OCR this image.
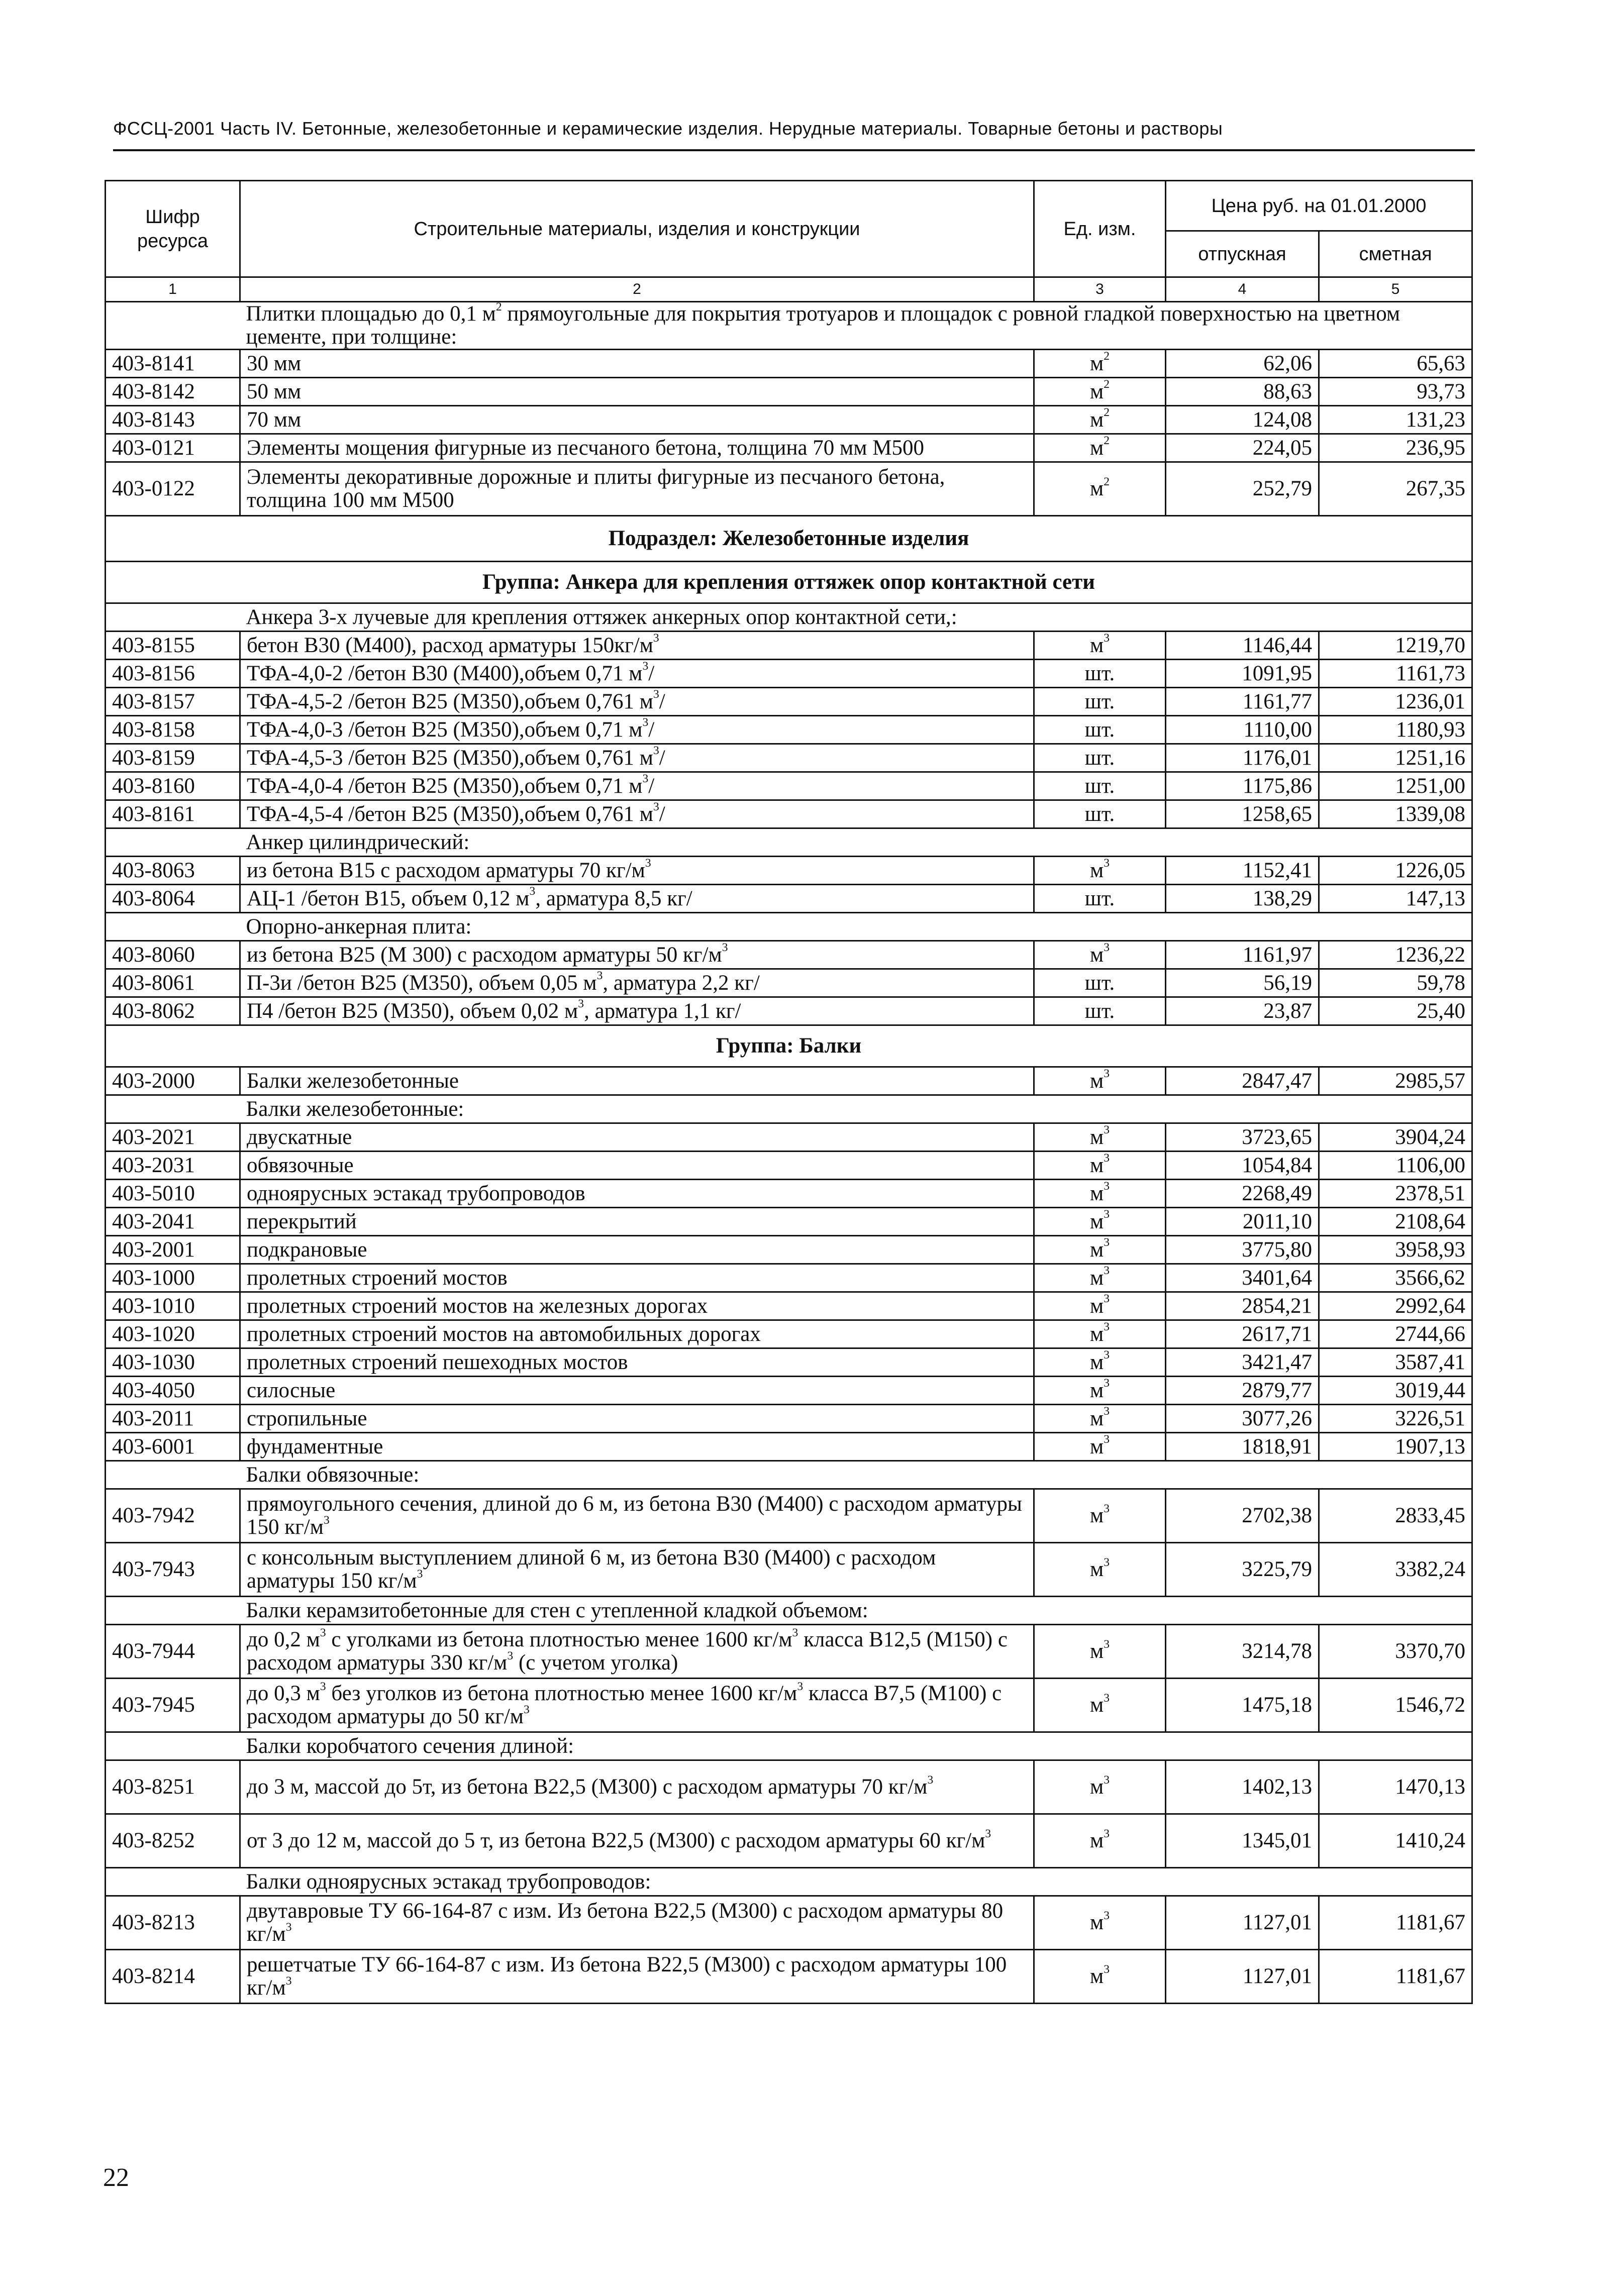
ФССЦ-2001 Часть IV. Бетонные, железобетонные и керамические изделия. Нерудные материалы. Товарные бетоны и растворы
Шифр ресурса	Строительные материалы, изделия и конструкции	Ед. изм.	Цена руб. на 01.01.2000	
			отпускная	сметная
1	2	3	4	5
	Плитки площадью до 0,1 $м^2$ прямоугольные для покрытия тротуаров и площадок с ровной гладкой поверхностью на цветном цементе, при толщине:			
403-8141	30 мм	$м^2$	62,06	65,63
403-8142	50 мм	$м^2$	88,63	93,73
403-8143	70 мм	$м^2$	124,08	131,23
403-0121	Элементы мощения фигурные из песчаного бетона, толщина 70 мм М500	$м^2$	224,05	236,95
403-0122	Элементы декоративные дорожные и плиты фигурные из песчаного бетона, толщина 100 мм М500	$м^2$	252,79	267,35
Подраздел: Железобетонные изделия				
Группа: Анкера для крепления оттяжек опор контактной сети				
	Анкера 3-х лучевые для крепления оттяжек анкерных опор контактной сети,:			
403-8155	бетон В30 (М400), расход арматуры $150кг/м^3$	$м^3$	1146,44	1219,70
403-8156	ТФА-4,0-2 /бетон В30 (М400),объем 0,71 $м^3/$	шт.	1091,95	1161,73
403-8157	ТФА-4,5-2 /бетон В25 (М350),объем 0,761 $м^3/$	шт.	1161,77	1236,01
403-8158	ТФА-4,0-3 /бетон В25 (М350),объем 0,71 $м^3/$	шт.	1110,00	1180,93
403-8159	ТФА-4,5-3 /бетон В25 (М350),объем 0,761 $м^3/$	шт.	1176,01	1251,16
403-8160	ТФА-4,0-4 /бетон В25 (М350),объем 0,71 $м^3/$	шт.	1175,86	1251,00
403-8161	ТФА-4,5-4 /бетон В25 (М350),объем 0,761 $м^3/$	шт.	1258,65	1339,08
	Анкер цилиндрический:			
403-8063	из бетона В15 с расходом арматуры 70 $кг/м^3$	$м^3$	1152,41	1226,05
403-8064	АЦ-1 /бетон В15, объем 0,12 $м^3$, арматура 8,5 кг/	шт.	138,29	147,13
	Опорно-анкерная плита:			
403-8060	из бетона В25 (М 300) с расходом арматуры 50 $кг/м^3$	$м^3$	1161,97	1236,22
403-8061	П-3и /бетон В25 (М350), объем 0,05 $м^3$, арматура 2,2 кг/	шт.	56,19	59,78
403-8062	П4 /бетон В25 (М350), объем 0,02 $м^3$, арматура 1,1 кг/	шт.	23,87	25,40
Группа: Балки				
403-2000	Балки железобетонные	$м^3$	2847,47	2985,57
	Балки железобетонные:			
403-2021	двускатные	$м^3$	3723,65	3904,24
403-2031	обвязочные	$м^3$	1054,84	1106,00
403-5010	одноярусных эстакад трубопроводов	$м^3$	2268,49	2378,51
403-2041	перекрытий	$м^3$	2011,10	2108,64
403-2001	подкрановые	$м^3$	3775,80	3958,93
403-1000	пролетных строений мостов	$м^3$	3401,64	3566,62
403-1010	пролетных строений мостов на железных дорогах	$м^3$	2854,21	2992,64
403-1020	пролетных строений мостов на автомобильных дорогах	$м^3$	2617,71	2744,66
403-1030	пролетных строений пешеходных мостов	$м^3$	3421,47	3587,41
403-4050	силосные	$м^3$	2879,77	3019,44
403-2011	стропильные	$м^3$	3077,26	3226,51
403-6001	фундаментные	$м^3$	1818,91	1907,13
	Балки обвязочные:			
403-7942	прямоугольного сечения, длиной до 6 м, из бетона В30 (М400) с расходом арматуры 150 $кг/м^3$	$м^3$	2702,38	2833,45
403-7943	с консольным выступлением длиной 6 м, из бетона В30 (М400) с расходом арматуры 150 $кг/м^3$	$м^3$	3225,79	3382,24
	Балки керамзитобетонные для стен с утепленной кладкой объемом:			
403-7944	до 0,2 $м^3$ с уголками из бетона плотностью менее 1600 $кг/м^3$ класса В12,5 (М150) с расходом арматуры 330 $кг/м^3$ (с учетом уголка)	$м^3$	3214,78	3370,70
403-7945	до 0,3 $м^3$ без уголков из бетона плотностью менее 1600 $кг/м^3$ класса В7,5 (М100) с расходом арматуры до 50 $кг/м^3$	$м^3$	1475,18	1546,72
	Балки коробчатого сечения длиной:			
403-8251	до 3 м, массой до 5т, из бетона В22,5 (М300) с расходом арматуры 70 $кг/м^3$	$м^3$	1402,13	1470,13
403-8252	от 3 до 12 м, массой до 5 т, из бетона В22,5 (М300) с расходом арматуры 60 $кг/м^3$	$м^3$	1345,01	1410,24
	Балки одноярусных эстакад трубопроводов:			
403-8213	двутавровые ТУ 66-164-87 с изм. Из бетона В22,5 (М300) с расходом арматуры 80 $кг/м^3$	$м^3$	1127,01	1181,67
403-8214	решетчатые ТУ 66-164-87 с изм. Из бетона В22,5 (М300) с расходом арматуры 100 $кг/м^3$	$м^3$	1127,01	1181,67
22
